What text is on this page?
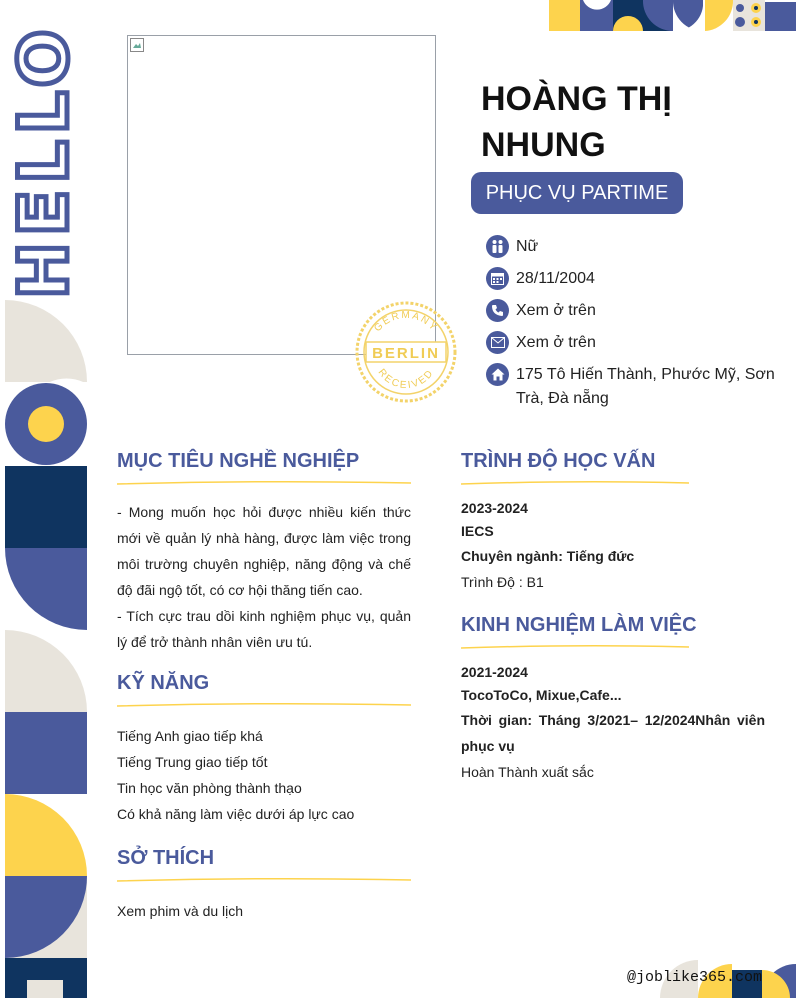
HELLO
GERMANY
BERLIN
RECEIVED
HOÀNG THỊ NHUNG
PHỤC VỤ PARTIME
Nữ
28/11/2004
Xem ở trên
Xem ở trên
175 Tô Hiến Thành, Phước Mỹ, Sơn Trà, Đà nẵng
MỤC TIÊU NGHỀ NGHIỆP
- Mong muốn học hỏi được nhiều kiến thức mới về quản lý nhà hàng, được làm việc trong môi trường chuyên nghiệp, năng động và chế độ đãi ngộ tốt, có cơ hội thăng tiến cao.
- Tích cực trau dồi kinh nghiệm phục vụ, quản lý để trở thành nhân viên ưu tú.
KỸ NĂNG
Tiếng Anh giao tiếp khá
Tiếng Trung giao tiếp tốt
Tin học văn phòng thành thạo
Có khả năng làm việc dưới áp lực cao
SỞ THÍCH
Xem phim và du lịch
TRÌNH ĐỘ HỌC VẤN
2023-2024
IECS
Chuyên ngành: Tiếng đức
Trình Độ : B1
KINH NGHIỆM LÀM VIỆC
2021-2024
TocoToCo, Mixue,Cafe...
Thời gian: Tháng 3/2021– 12/2024Nhân viên phục vụ
Hoàn Thành xuất sắc
@joblike365.com
